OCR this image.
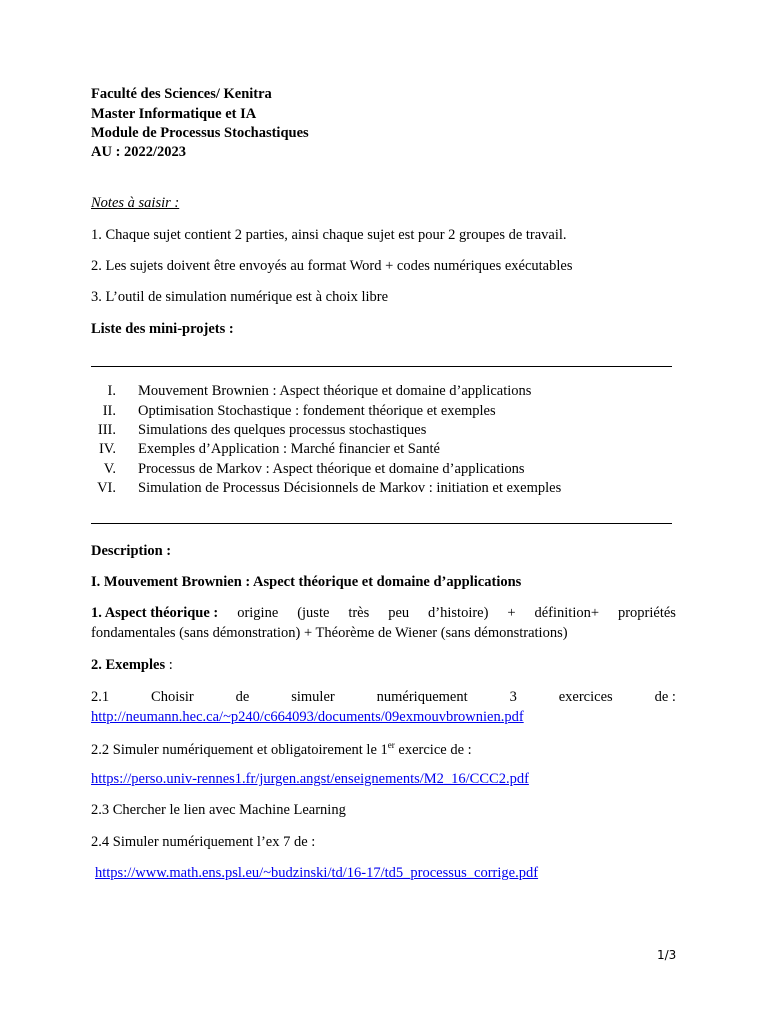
Faculté des Sciences/ Kenitra
Master Informatique et IA
Module de Processus Stochastiques
AU : 2022/2023
Notes à saisir :
1. Chaque sujet contient 2 parties, ainsi chaque sujet est pour 2 groupes de travail.
2. Les sujets doivent être envoyés au format Word + codes numériques exécutables
3. L’outil de simulation numérique est à choix libre
Liste des mini-projets :
I. Mouvement Brownien : Aspect théorique et domaine d’applications
II. Optimisation Stochastique : fondement théorique et exemples
III. Simulations des quelques processus stochastiques
IV. Exemples d’Application : Marché financier et Santé
V. Processus de Markov : Aspect théorique et domaine d’applications
VI. Simulation de Processus Décisionnels de Markov : initiation et exemples
Description :
I. Mouvement Brownien : Aspect théorique et domaine d’applications
1. Aspect théorique : origine (juste très peu d’histoire) + définition+ propriétés
fondamentales (sans démonstration) + Théorème de Wiener (sans démonstrations)
2. Exemples :
2.1	Choisir	de	simuler	numériquement	3	exercices	de :
http://neumann.hec.ca/~p240/c664093/documents/09exmouvbrownien.pdf
2.2 Simuler numériquement et obligatoirement le 1er exercice de :
https://perso.univ-rennes1.fr/jurgen.angst/enseignements/M2_16/CCC2.pdf
2.3 Chercher le lien avec Machine Learning
2.4 Simuler numériquement l’ex 7 de :
https://www.math.ens.psl.eu/~budzinski/td/16-17/td5_processus_corrige.pdf
1/3
